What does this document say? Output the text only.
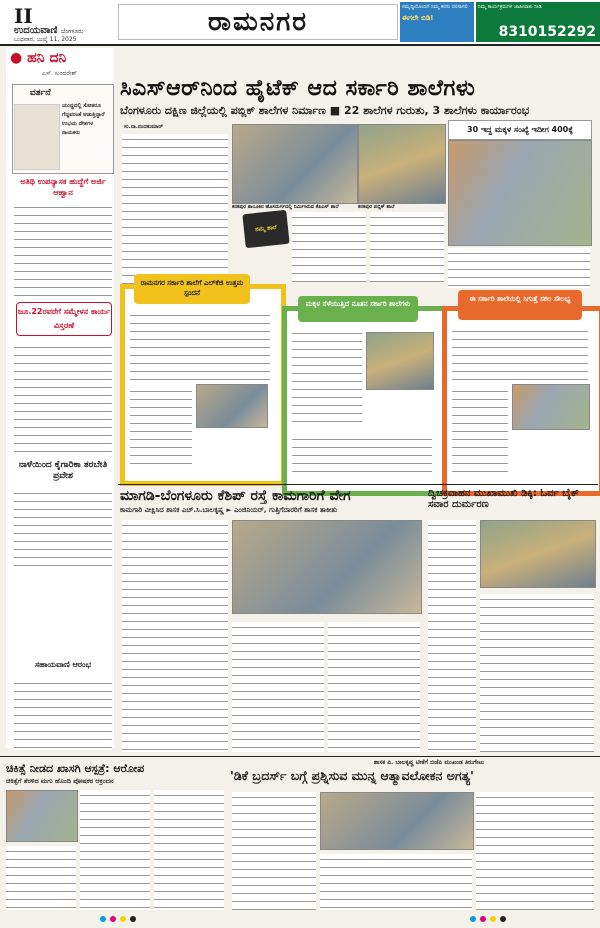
II
ಉದಯವಾಣಿ ಬೆಂಗಳೂರು
ಬುಧವಾರ, ಜುಲೈ 11, 2025
ರಾಮನಗರ	ಸಮೃದ್ಧಿಯೊಂದಿಗೆ ನಿಮ್ಮ ಕನಸು ನನಸಾಗಲಿ
ಈಗಲೇ ಬಿಡಿ!
ನಿಮ್ಮ ಕಾರ್ಯಕ್ರಮಗಳ ಜಾಹೀರಾತು ನೀಡಿ
8310152292
● ಹನಿ ದನಿ
ಎಸ್. ಸುಂದರೇಶ್
ವರ್ತನೆ
ಯುದ್ಧದಲ್ಲಿ ಸೋತರೂ ಗೆದ್ದವರಂತೆ ಆಡುತ್ತಿದ್ದಾರೆ ಉಭಯ ದೇಶಗಳ ನಾಯಕರು
ಅತಿಥಿ ಉಪನ್ಯಾಸಕ ಹುದ್ದೆಗೆ ಅರ್ಜಿ ಆಹ್ವಾನ
ಜೂ.22ರವರೆಗೆ ಸಮ್ಮೇಳನ ಕಾರ್ಯ ವಿಸ್ತರಣೆ
ನಾಳೆಯಿಂದ ಕೈಗಾರಿಕಾ ತರಬೇತಿ ಪ್ರವೇಶ
ಸಹಾಯವಾಣಿ ಆರಂಭ
ಸಿಎಸ್‌ಆರ್‌ನಿಂದ ಹೈಟೆಕ್ ಆದ ಸರ್ಕಾರಿ ಶಾಲೆಗಳು
ಬೆಂಗಳೂರು ದಕ್ಷಿಣ ಜಿಲ್ಲೆಯಲ್ಲಿ ಪಬ್ಲಿಕ್ ಶಾಲೆಗಳ ನಿರ್ಮಾಣ ■ 22 ಶಾಲೆಗಳ ಗುರುತು, 3 ಶಾಲೆಗಳು ಕಾರ್ಯಾರಂಭ
30 ಇದ್ದ ಮಕ್ಕಳ ಸಂಖ್ಯೆ ಇದೀಗ 400ಕ್ಕೆ
ಸು.ನಾ.ನಂದಕುಮಾರ್
ಕನಕಪುರ ತಾಲೂಕಿನ ಹೊಸದುರ್ಗದಲ್ಲಿ ನಿರ್ಮಿಸಿರುವ ಕೆಪಿಎಸ್ ಶಾಲೆ	ಕನಕಪುರ ಪಬ್ಲಿಕ್ ಶಾಲೆ
ನಮ್ಮ ಶಾಲೆ
ರಾಮನಗರ ಸರ್ಕಾರಿ ಶಾಲೆಗೆ ಎಲ್‌ಕೆಜಿ ಉತ್ತಮ ಸ್ಪಂದನೆ
ಮಕ್ಕಳ ಸೆಳೆಯುತ್ತಿದೆ ನೂತನ ಸರ್ಕಾರಿ ಶಾಲೆಗಳು
ಈ ಸರ್ಕಾರಿ ಶಾಲೆಯಲ್ಲಿ ಸಿಗುತ್ತೆ ಸಕಲ ಸೌಲಭ್ಯ
ಮಾಗಡಿ-ಬೆಂಗಳೂರು ಕೆಶಿಪ್ ರಸ್ತೆ ಕಾಮಗಾರಿಗೆ ವೇಗ
ಕಾಮಗಾರಿ ವೀಕ್ಷಿಸಿದ ಶಾಸಕ ಎಚ್.ಸಿ.ಬಾಲಕೃಷ್ಣ ► ಎಂಜಿನಿಯರ್, ಗುತ್ತಿಗೆದಾರರಿಗೆ ಶಾಸಕ ತಾಕೀತು
ದ್ವಿಚಕ್ರವಾಹನ ಮುಖಾಮುಖಿ ಡಿಕ್ಕಿ: ಓರ್ವ ಬೈಕ್ ಸವಾರ ದುರ್ಮರಣ
ಚಿಕಿತ್ಸೆ ನೀಡದ ಖಾಸಗಿ ಆಸ್ಪತ್ರೆ: ಆರೋಪ
ಚಿಕಿತ್ಸೆಗೆ ತೆರಳಿದ ಮಗು ಹೊಂದಿ ಪೋಷಕರ ಆಕ್ರಂದನ
ಶಾಸಕ ಪಿ. ಬಾಲಕೃಷ್ಣ ಟೀಕೆಗೆ ಬಿಜೆಪಿ ಮುಖಂಡ ತಿರುಗೇಟು
'ಡಿಕೆ ಬ್ರದರ್ಸ್ ಬಗ್ಗೆ ಪ್ರಶ್ನಿಸುವ ಮುನ್ನ ಆತ್ಮಾವಲೋಕನ ಅಗತ್ಯ'
